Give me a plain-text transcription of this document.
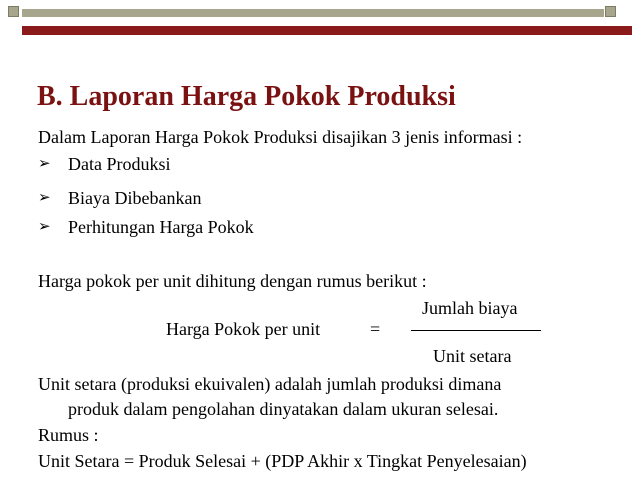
B. Laporan Harga Pokok Produksi
Dalam Laporan Harga Pokok Produksi disajikan 3 jenis informasi :
➢ Data Produksi
➢ Biaya Dibebankan
➢ Perhitungan Harga Pokok
Harga pokok per unit dihitung dengan rumus berikut :
Jumlah biaya
Harga Pokok per unit	=
Unit setara
Unit setara (produksi ekuivalen) adalah jumlah produksi dimana
produk dalam pengolahan dinyatakan dalam ukuran selesai.
Rumus :
Unit Setara = Produk Selesai + (PDP Akhir x Tingkat Penyelesaian)
